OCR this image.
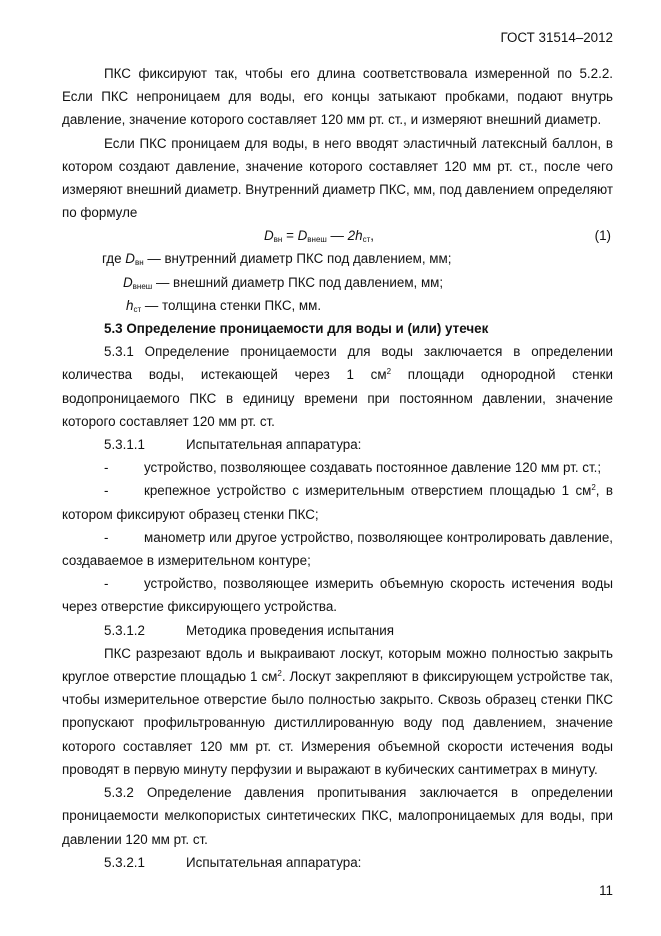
ГОСТ 31514–2012

ПКС фиксируют так, чтобы его длина соответствовала измеренной по 5.2.2. Если ПКС непроницаем для воды, его концы затыкают пробками, подают внутрь давление, значение которого составляет 120 мм рт. ст., и измеряют внешний диаметр.

Если ПКС проницаем для воды, в него вводят эластичный латексный баллон, в котором создают давление, значение которого составляет 120 мм рт. ст., после чего измеряют внешний диаметр. Внутренний диаметр ПКС, мм, под давлением определяют по формуле

$D_{вн} = D_{внеш}$ — $2h_{ст}$,	(1)
где $D_{вн}$ — внутренний диаметр ПКС под давлением, мм;
$D_{внеш}$ — внешний диаметр ПКС под давлением, мм;
$h_{ст}$ — толщина стенки ПКС, мм.

5.3 Определение проницаемости для воды и (или) утечек

5.3.1 Определение проницаемости для воды заключается в определении количества воды, истекающей через 1 $см^2$ площади однородной стенки водопроницаемого ПКС в единицу времени при постоянном давлении, значение которого составляет 120 мм рт. ст.

5.3.1.1	Испытательная аппаратура:

-	устройство, позволяющее создавать постоянное давление 120 мм рт. ст.;

-	крепежное устройство с измерительным отверстием площадью 1 $см^2$, в котором фиксируют образец стенки ПКС;

-	манометр или другое устройство, позволяющее контролировать давление, создаваемое в измерительном контуре;

-	устройство, позволяющее измерить объемную скорость истечения воды через отверстие фиксирующего устройства.

5.3.1.2	Методика проведения испытания

ПКС разрезают вдоль и выкраивают лоскут, которым можно полностью закрыть круглое отверстие площадью 1 $см^2$. Лоскут закрепляют в фиксирующем устройстве так, чтобы измерительное отверстие было полностью закрыто. Сквозь образец стенки ПКС пропускают профильтрованную дистиллированную воду под давлением, значение которого составляет 120 мм рт. ст. Измерения объемной скорости истечения воды проводят в первую минуту перфузии и выражают в кубических сантиметрах в минуту.

5.3.2 Определение давления пропитывания заключается в определении проницаемости мелкопористых синтетических ПКС, малопроницаемых для воды, при давлении 120 мм рт. ст.

5.3.2.1	Испытательная аппаратура:
11
